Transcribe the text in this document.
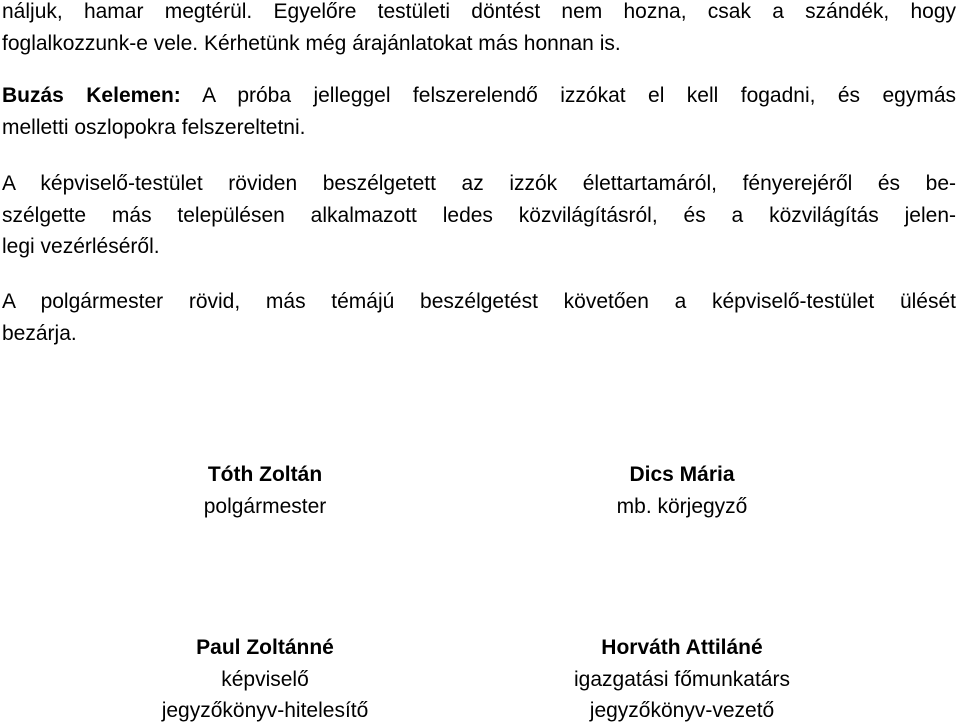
náljuk, hamar megtérül. Egyelőre testületi döntést nem hozna, csak a szándék, hogy
foglalkozzunk-e vele. Kérhetünk még árajánlatokat más honnan is.

Buzás Kelemen: A próba jelleggel felszerelendő izzókat el kell fogadni, és egymás
melletti oszlopokra felszereltetni.

A képviselő-testület röviden beszélgetett az izzók élettartamáról, fényerejéről és be-
szélgette más településen alkalmazott ledes közvilágításról, és a közvilágítás jelen-
legi vezérléséről.

A polgármester rövid, más témájú beszélgetést követően a képviselő-testület ülését
bezárja.

Tóth Zoltán
polgármester
Dics Mária
mb. körjegyző
Paul Zoltánné
képviselő
jegyzőkönyv-hitelesítő
Horváth Attiláné
igazgatási főmunkatárs
jegyzőkönyv-vezető
